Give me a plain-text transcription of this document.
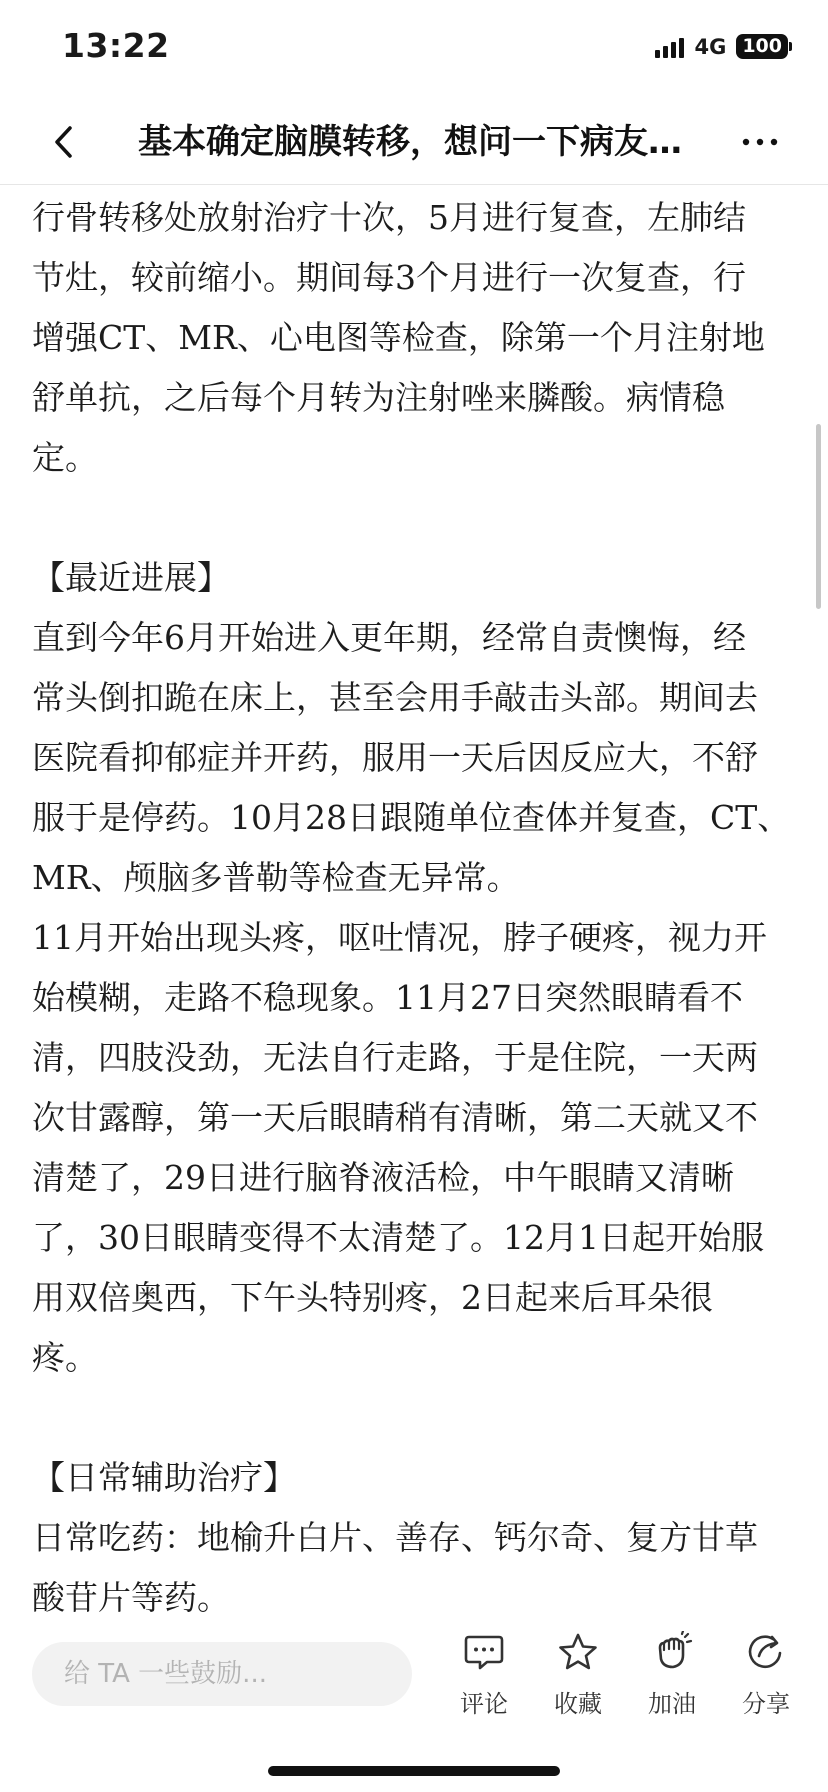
13:22	4G 100
基本确定脑膜转移，想问一下病友…
行骨转移处放射治疗十次，5月进行复查，左肺结
节灶，较前缩小。期间每3个月进行一次复查，行
增强CT、MR、心电图等检查，除第一个月注射地
舒单抗，之后每个月转为注射唑来膦酸。病情稳
定。
【最近进展】
直到今年6月开始进入更年期，经常自责懊悔，经
常头倒扣跪在床上，甚至会用手敲击头部。期间去
医院看抑郁症并开药，服用一天后因反应大，不舒
服于是停药。10月28日跟随单位查体并复查，CT、
MR、颅脑多普勒等检查无异常。
11月开始出现头疼，呕吐情况，脖子硬疼，视力开
始模糊，走路不稳现象。11月27日突然眼睛看不
清，四肢没劲，无法自行走路，于是住院，一天两
次甘露醇，第一天后眼睛稍有清晰，第二天就又不
清楚了，29日进行脑脊液活检，中午眼睛又清晰
了，30日眼睛变得不太清楚了。12月1日起开始服
用双倍奥西，下午头特别疼，2日起来后耳朵很
疼。
【日常辅助治疗】
日常吃药：地榆升白片、善存、钙尔奇、复方甘草
酸苷片等药。
给 TA 一些鼓励...
评论 收藏 加油 分享
